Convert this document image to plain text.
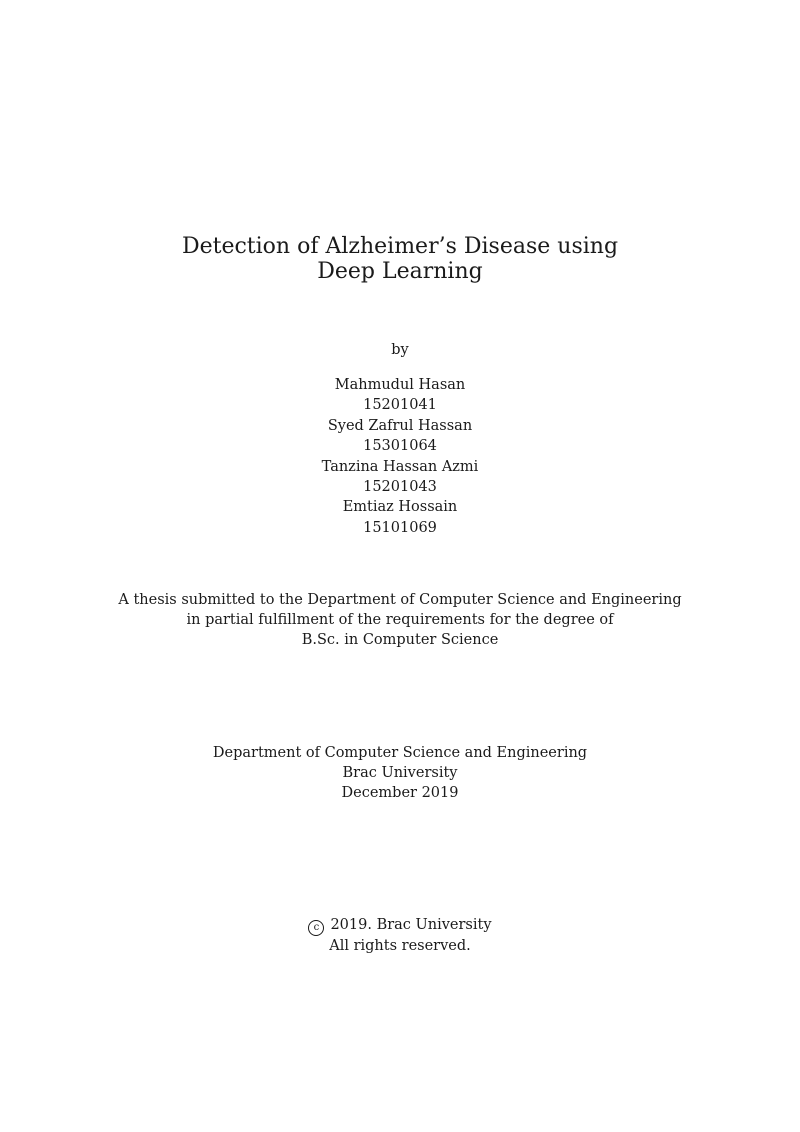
Detection of Alzheimer’s Disease using
Deep Learning
by
Mahmudul Hasan
15201041
Syed Zafrul Hassan
15301064
Tanzina Hassan Azmi
15201043
Emtiaz Hossain
15101069
A thesis submitted to the Department of Computer Science and Engineering
in partial fulfillment of the requirements for the degree of
B.Sc. in Computer Science
Department of Computer Science and Engineering
Brac University
December 2019
c 2019. Brac University
All rights reserved.
